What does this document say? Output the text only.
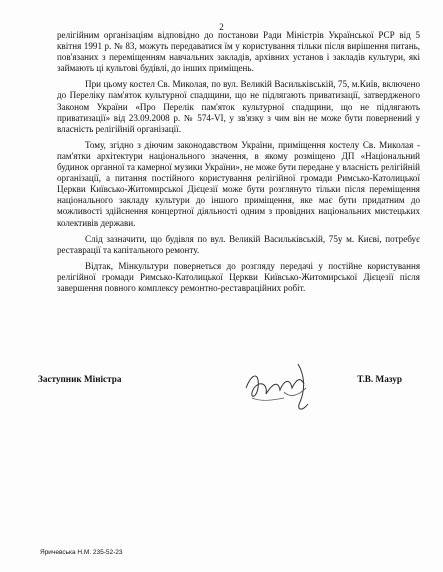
2

релігійним організаціям відповідно до постанови Ради Міністрів Української РСР від 5 квітня 1991 р. № 83, можуть передаватися їм у користування тільки після вирішення питань, пов'язаних з переміщенням навчальних закладів, архівних установ і закладів культури, які займають ці культові будівлі, до інших приміщень.

При цьому костел Св. Миколая, по вул. Великій Васильківській, 75, м.Київ, включено до Переліку пам'яток культурної спадщини, що не підлягають приватизації, затвердженого Законом України «Про Перелік пам'яток культурної спадщини, що не підлягають приватизації» від 23.09.2008 р. № 574-VI, у зв'язку з чим він не може бути повернений у власність релігійній організації.

Тому, згідно з діючим законодавством України, приміщення костелу Св. Миколая - пам'ятки архітектури національного значення, в якому розміщено ДП «Національний будинок органної та камерної музики України», не може бути передане у власність релігійній організації, а питання постійного користування релігійної громади Римсько-Католицької Церкви Київсько-Житомирської Дієцезії може бути розглянуто тільки після переміщення національного закладу культури до іншого приміщення, яке має бути придатним до можливості здійснення концертної діяльності одним з провідних національних мистецьких колективів держави.

Слід зазначити, що будівля по вул. Великій Васильківській, 75у м. Києві, потребує реставрації та капітального ремонту.

Відтак, Мінкультури повернеться до розгляду передачі у постійне користування релігійної громади Римсько-Католицької Церкви Київсько-Житомирської Дієцезії після завершення повного комплексу ремонтно-реставраційних робіт.

Заступник Міністра	Т.В. Мазур
Яричевська Н.М. 235-52-23
